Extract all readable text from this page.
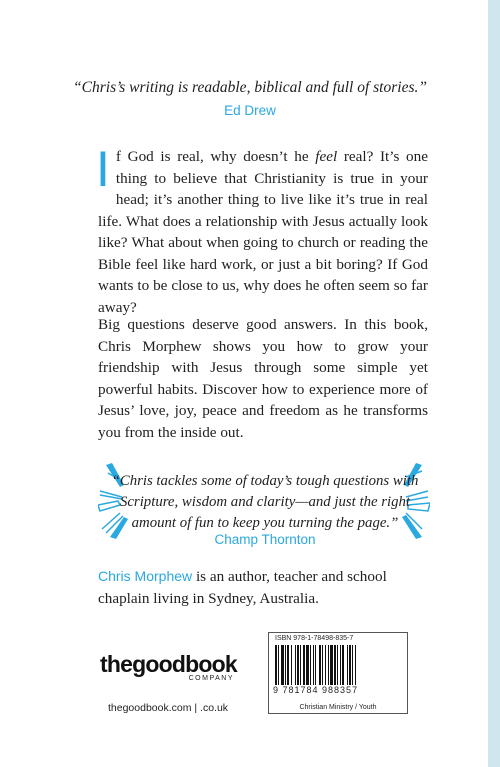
“Chris’s writing is readable, biblical and full of stories.”
Ed Drew
If God is real, why doesn’t he feel real? It’s one thing to believe that Christianity is true in your head; it’s another thing to live like it’s true in real life. What does a relationship with Jesus actually look like? What about when going to church or reading the Bible feel like hard work, or just a bit boring? If God wants to be close to us, why does he often seem so far away?
Big questions deserve good answers. In this book, Chris Morphew shows you how to grow your friendship with Jesus through some simple yet powerful habits. Discover how to experience more of Jesus’ love, joy, peace and freedom as he transforms you from the inside out.
“Chris tackles some of today’s tough questions with Scripture, wisdom and clarity—and just the right amount of fun to keep you turning the page.”
Champ Thornton
Chris Morphew is an author, teacher and school chaplain living in Sydney, Australia.
thegoodbook
COMPANY
thegoodbook.com | .co.uk
ISBN 978-1-78498-835-7
9 781784 988357
Christian Ministry / Youth
